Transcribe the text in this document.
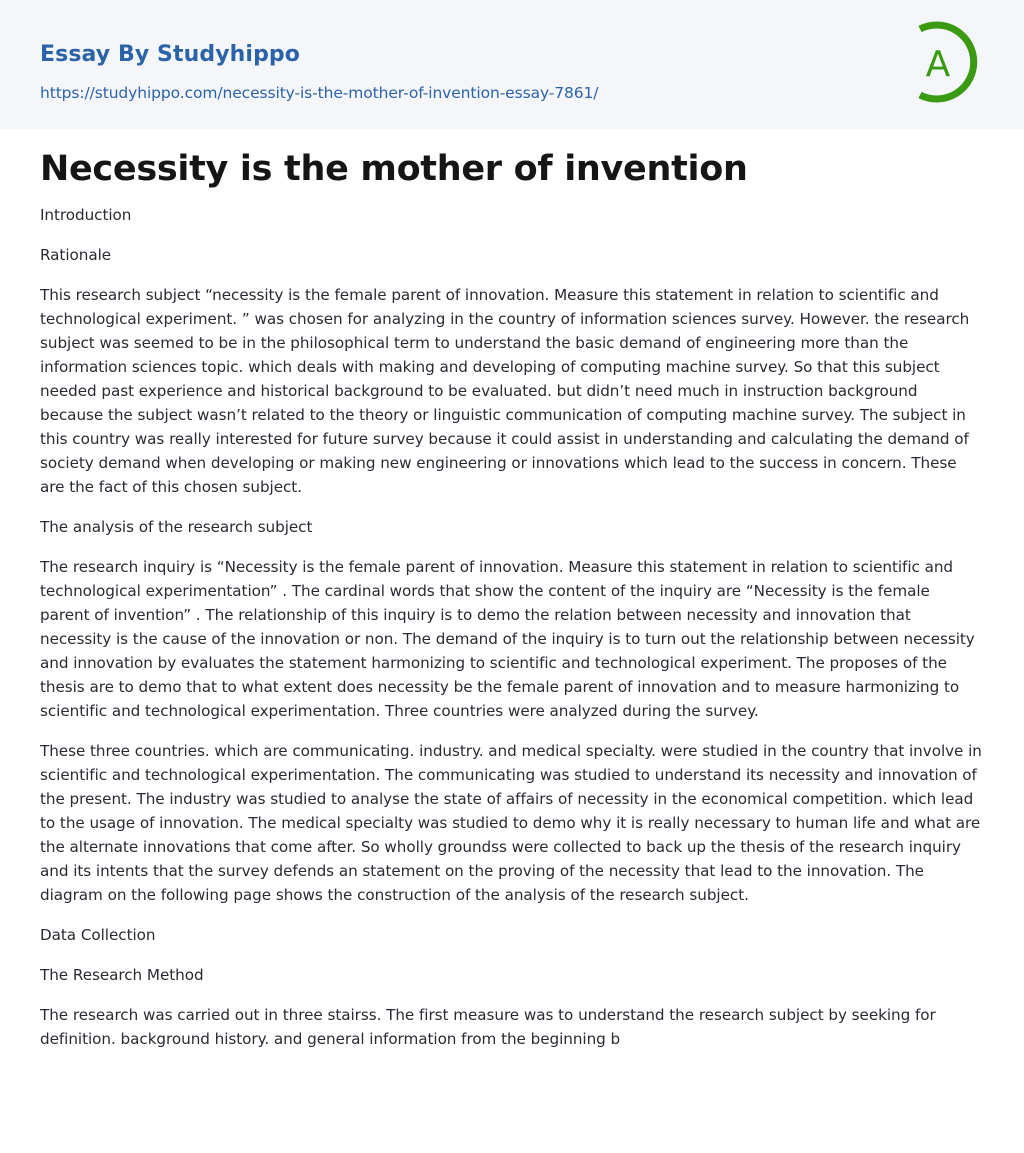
Essay By Studyhippo
https://studyhippo.com/necessity-is-the-mother-of-invention-essay-7861/
A
Necessity is the mother of invention

Introduction

Rationale

This research subject “necessity is the female parent of innovation. Measure this statement in relation to scientific and technological experiment. ” was chosen for analyzing in the country of information sciences survey. However. the research subject was seemed to be in the philosophical term to understand the basic demand of engineering more than the information sciences topic. which deals with making and developing of computing machine survey. So that this subject needed past experience and historical background to be evaluated. but didn’t need much in instruction background because the subject wasn’t related to the theory or linguistic communication of computing machine survey. The subject in this country was really interested for future survey because it could assist in understanding and calculating the demand of society demand when developing or making new engineering or innovations which lead to the success in concern. These are the fact of this chosen subject.

The analysis of the research subject

The research inquiry is “Necessity is the female parent of innovation. Measure this statement in relation to scientific and technological experimentation” . The cardinal words that show the content of the inquiry are “Necessity is the female parent of invention” . The relationship of this inquiry is to demo the relation between necessity and innovation that necessity is the cause of the innovation or non. The demand of the inquiry is to turn out the relationship between necessity and innovation by evaluates the statement harmonizing to scientific and technological experiment. The proposes of the thesis are to demo that to what extent does necessity be the female parent of innovation and to measure harmonizing to scientific and technological experimentation. Three countries were analyzed during the survey.

These three countries. which are communicating. industry. and medical specialty. were studied in the country that involve in scientific and technological experimentation. The communicating was studied to understand its necessity and innovation of the present. The industry was studied to analyse the state of affairs of necessity in the economical competition. which lead to the usage of innovation. The medical specialty was studied to demo why it is really necessary to human life and what are the alternate innovations that come after. So wholly groundss were collected to back up the thesis of the research inquiry and its intents that the survey defends an statement on the proving of the necessity that lead to the innovation. The diagram on the following page shows the construction of the analysis of the research subject.

Data Collection

The Research Method

The research was carried out in three stairss. The first measure was to understand the research subject by seeking for definition. background history. and general information from the beginning b
